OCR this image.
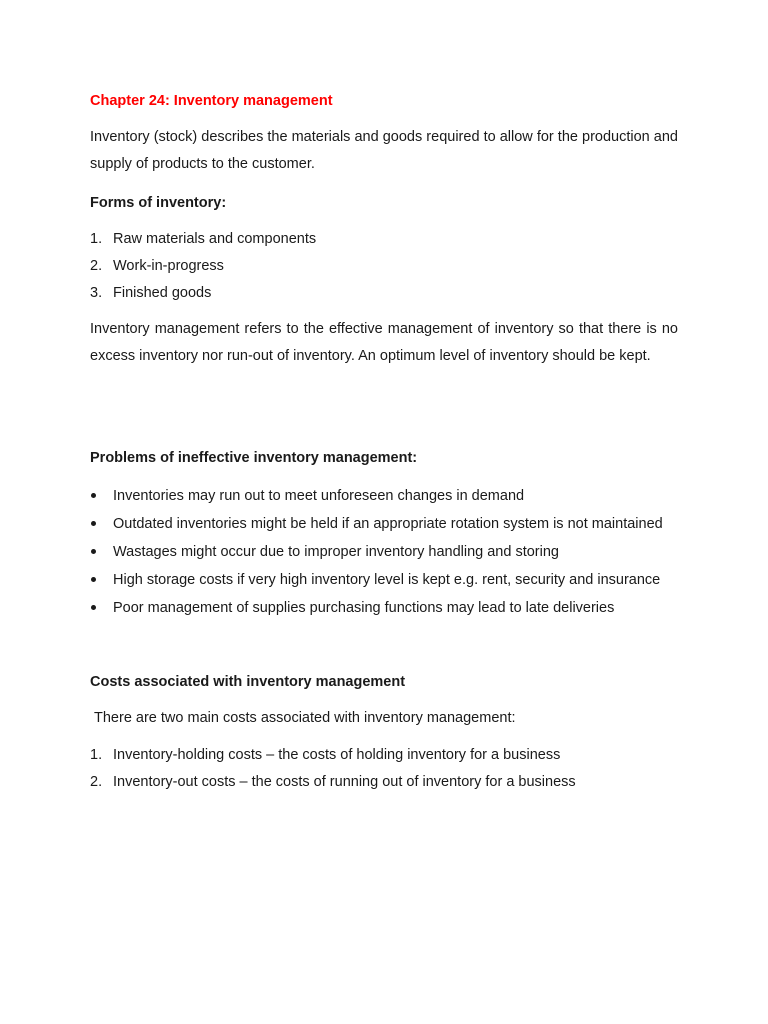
Chapter 24: Inventory management

Inventory (stock) describes the materials and goods required to allow for the production and supply of products to the customer.

Forms of inventory:
1. Raw materials and components
2. Work-in-progress
3. Finished goods

Inventory management refers to the effective management of inventory so that there is no excess inventory nor run-out of inventory. An optimum level of inventory should be kept.

Problems of ineffective inventory management:
Inventories may run out to meet unforeseen changes in demand
Outdated inventories might be held if an appropriate rotation system is not maintained
Wastages might occur due to improper inventory handling and storing
High storage costs if very high inventory level is kept e.g. rent, security and insurance
Poor management of supplies purchasing functions may lead to late deliveries
Costs associated with inventory management

There are two main costs associated with inventory management:

1. Inventory-holding costs – the costs of holding inventory for a business
2. Inventory-out costs – the costs of running out of inventory for a business
